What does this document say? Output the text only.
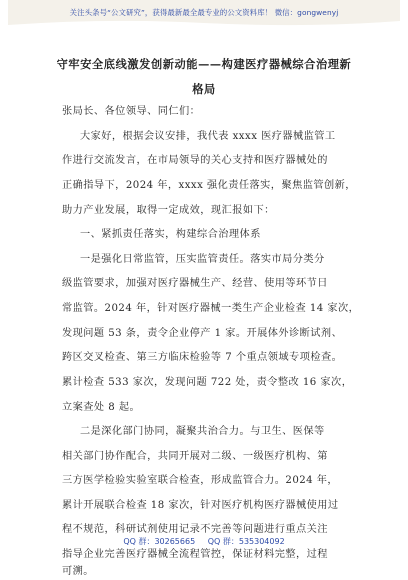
关注头条号“公文研究”，获得最新最全最专业的公文资料库！ 微信：gongwenyj
守牢安全底线激发创新动能——构建医疗器械综合治理新
格局
张局长、各位领导、同仁们：
大家好，根据会议安排，我代表 xxxx 医疗器械监管工
作进行交流发言，在市局领导的关心支持和医疗器械处的
正确指导下，2024 年，xxxx 强化责任落实，聚焦监管创新，
助力产业发展，取得一定成效，现汇报如下：
一、紧抓责任落实，构建综合治理体系
一是强化日常监管，压实监管责任。落实市局分类分
级监管要求，加强对医疗器械生产、经营、使用等环节日
常监管。2024 年，针对医疗器械一类生产企业检查 14 家次，
发现问题 53 条，责令企业停产 1 家。开展体外诊断试剂、
跨区交叉检查、第三方临床检验等 7 个重点领域专项检查。
累计检查 533 家次，发现问题 722 处，责令整改 16 家次，
立案查处 8 起。
二是深化部门协同，凝聚共治合力。与卫生、医保等
相关部门协作配合，共同开展对二级、一级医疗机构、第
三方医学检验实验室联合检查，形成监管合力。2024 年，
累计开展联合检查 18 家次，针对医疗机构医疗器械使用过
程不规范，科研试剂使用记录不完善等问题进行重点关注
指导企业完善医疗器械全流程管控，保证材料完整，过程
可溯。
QQ 群：30265665 QQ 群：535304092
